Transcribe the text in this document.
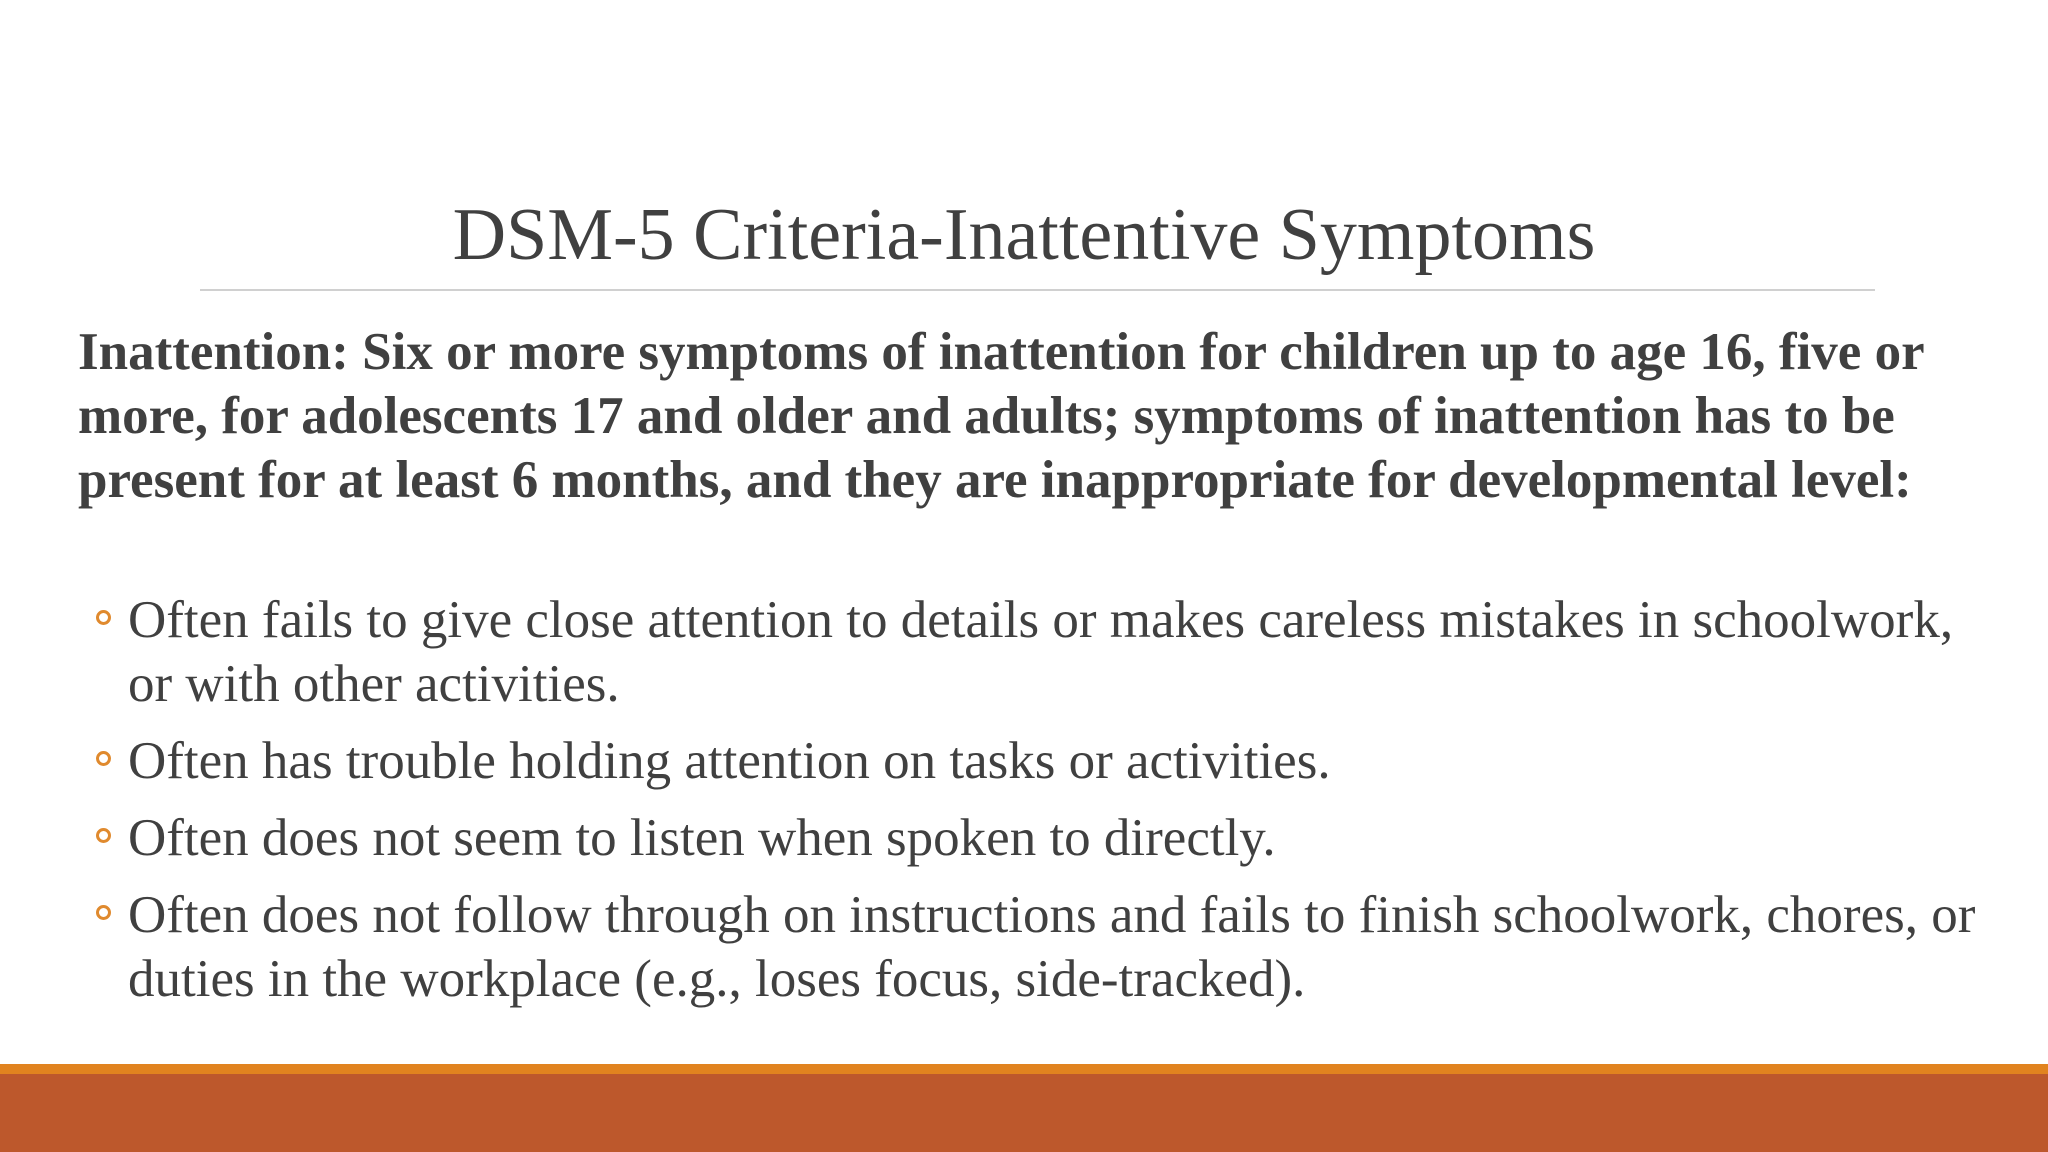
DSM-5 Criteria-Inattentive Symptoms
Inattention: Six or more symptoms of inattention for children up to age 16, five or more, for adolescents 17 and older and adults; symptoms of inattention has to be present for at least 6 months, and they are inappropriate for developmental level:
Often fails to give close attention to details or makes careless mistakes in schoolwork, or with other activities.
Often has trouble holding attention on tasks or activities.
Often does not seem to listen when spoken to directly.
Often does not follow through on instructions and fails to finish schoolwork, chores, or duties in the workplace (e.g., loses focus, side-tracked).
